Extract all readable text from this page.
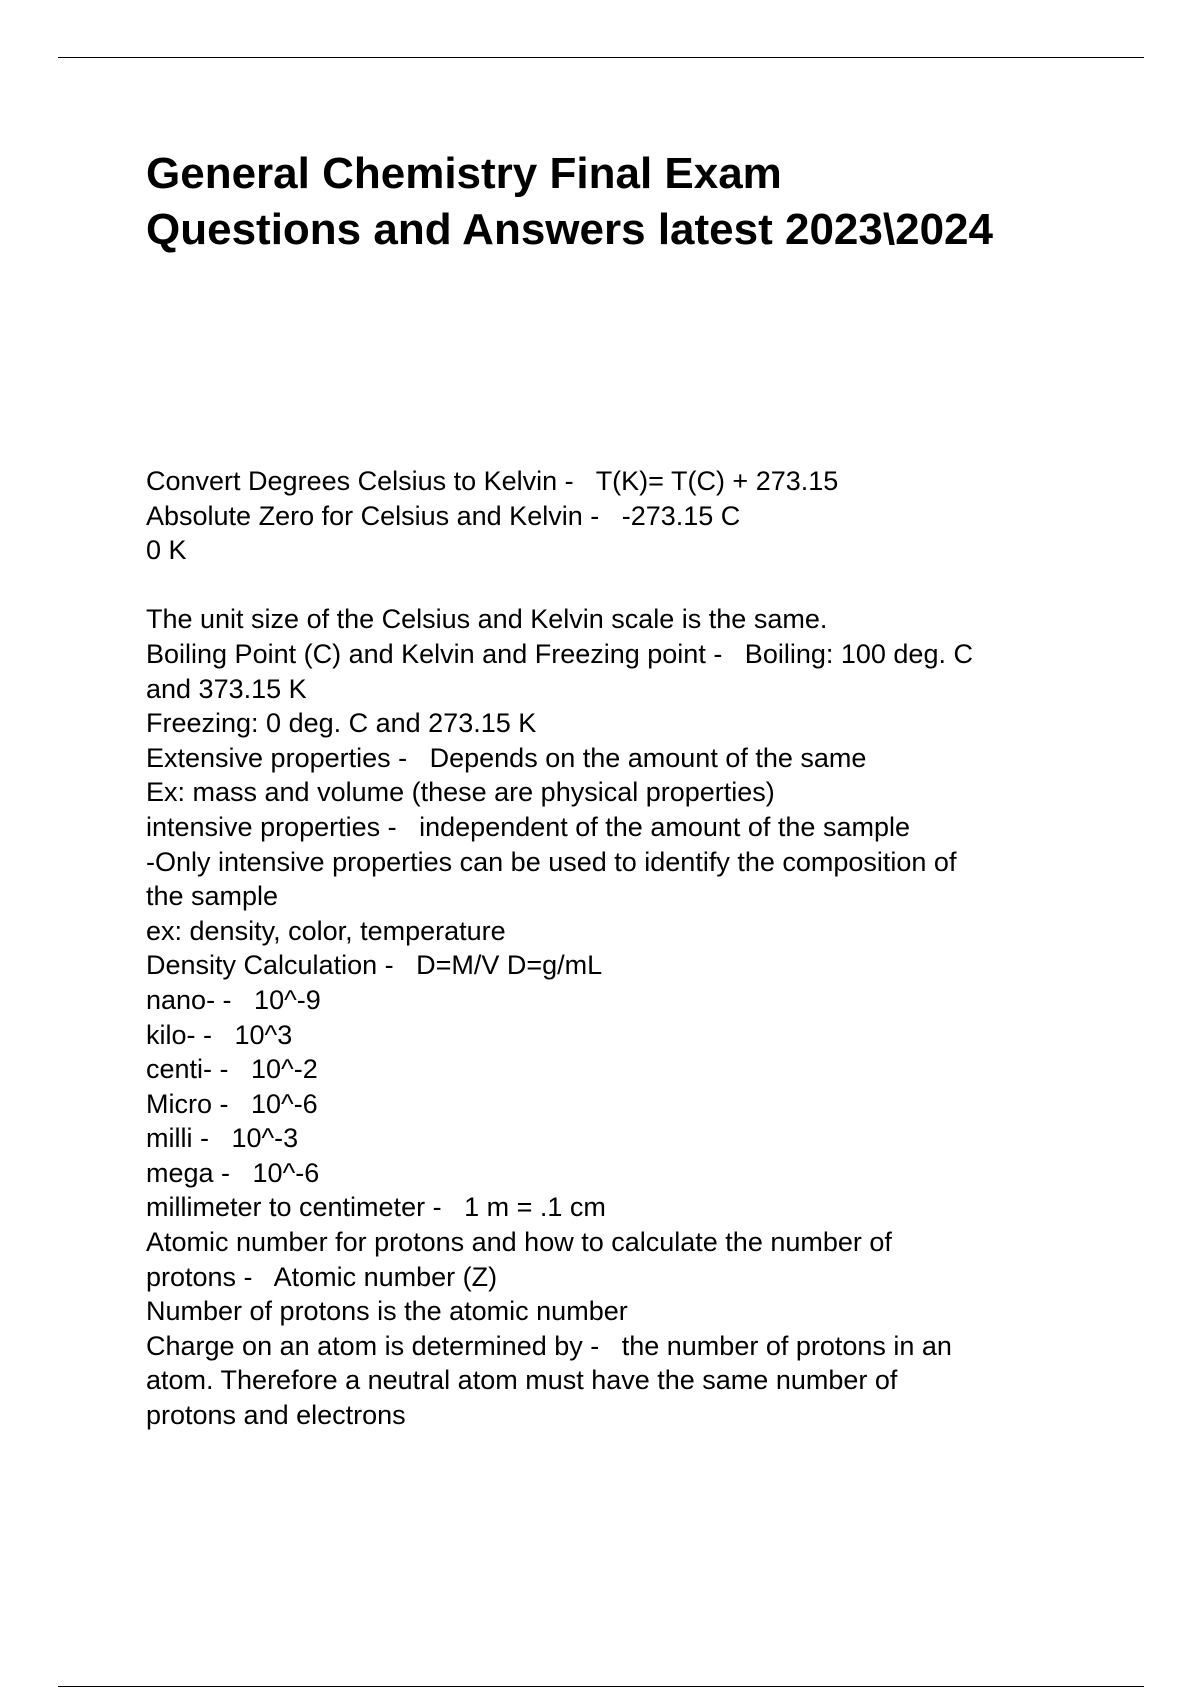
General Chemistry Final Exam
Questions and Answers latest 2023\2024
Convert Degrees Celsius to Kelvin -   T(K)= T(C) + 273.15
Absolute Zero for Celsius and Kelvin -   -273.15 C
0 K
The unit size of the Celsius and Kelvin scale is the same.
Boiling Point (C) and Kelvin and Freezing point -   Boiling: 100 deg. C
and 373.15 K
Freezing: 0 deg. C and 273.15 K
Extensive properties -   Depends on the amount of the same
Ex: mass and volume (these are physical properties)
intensive properties -   independent of the amount of the sample
-Only intensive properties can be used to identify the composition of
the sample
ex: density, color, temperature
Density Calculation -   D=M/V D=g/mL
nano- -   10^-9
kilo- -   10^3
centi- -   10^-2
Micro -   10^-6
milli -   10^-3
mega -   10^-6
millimeter to centimeter -   1 m = .1 cm
Atomic number for protons and how to calculate the number of
protons -   Atomic number (Z)
Number of protons is the atomic number
Charge on an atom is determined by -   the number of protons in an
atom. Therefore a neutral atom must have the same number of
protons and electrons
